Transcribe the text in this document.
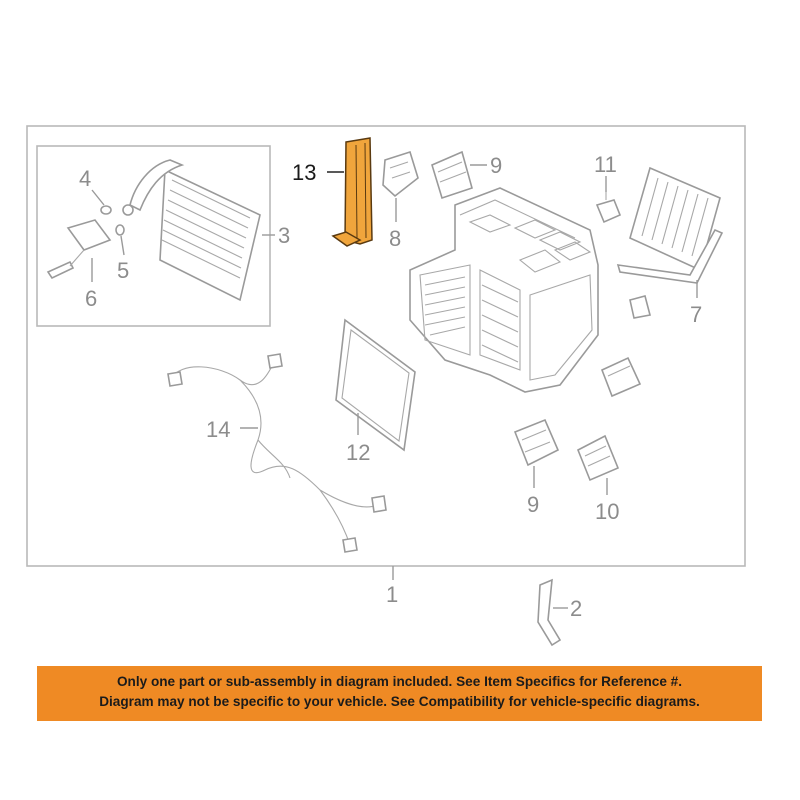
1
2
3
4
5
6
7
8
9
9	10
11
12
13
14
Only one part or sub-assembly in diagram included. See Item Specifics for Reference #.
Diagram may not be specific to your vehicle. See Compatibility for vehicle-specific diagrams.
